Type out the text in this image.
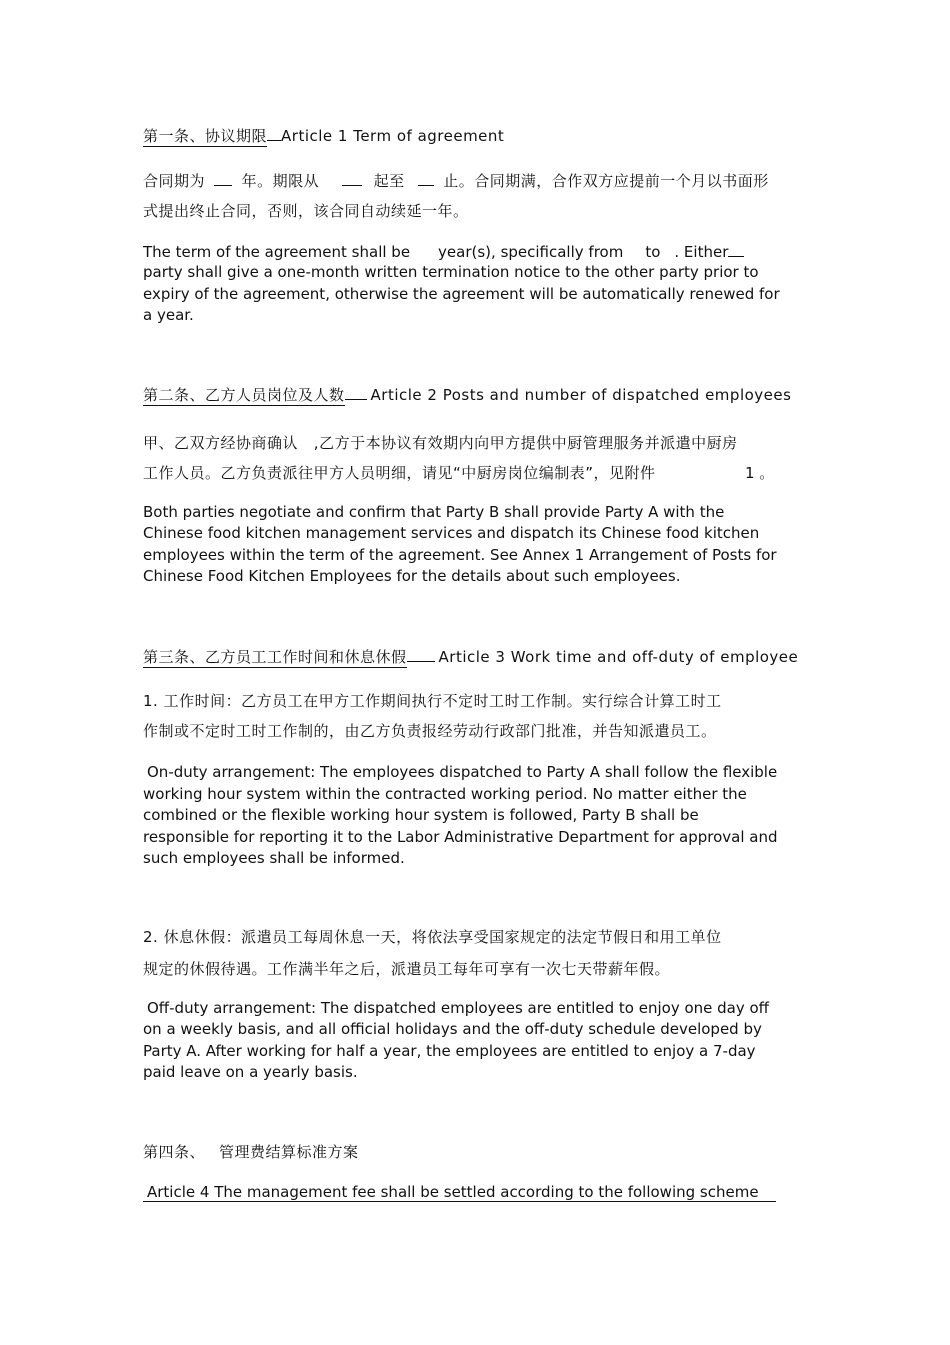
第一条、协议期限 Article 1 Term of agreement
合同期为 年。期限从	起至	止。合同期满，合作双方应提前一个月以书面形
式提出终止合同，否则，该合同自动续延一年。
The term of the agreement shall be year(s), specifically from to . Either
party shall give a one-month written termination notice to the other party prior to
expiry of the agreement, otherwise the agreement will be automatically renewed for
a year.
第二条、乙方人员岗位及人数 Article 2 Posts and number of dispatched employees
甲、乙双方经协商确认   ,乙方于本协议有效期内向甲方提供中厨管理服务并派遣中厨房
工作人员。乙方负责派往甲方人员明细，请见“中厨房岗位编制表”，见附件	1 。
Both parties negotiate and confirm that Party B shall provide Party A with the
Chinese food kitchen management services and dispatch its Chinese food kitchen
employees within the term of the agreement. See Annex 1 Arrangement of Posts for
Chinese Food Kitchen Employees for the details about such employees.
第三条、乙方员工工作时间和休息休假 Article 3 Work time and off-duty of employee
1. 工作时间：乙方员工在甲方工作期间执行不定时工时工作制。实行综合计算工时工
作制或不定时工时工作制的，由乙方负责报经劳动行政部门批准，并告知派遣员工。
On-duty arrangement: The employees dispatched to Party A shall follow the flexible
working hour system within the contracted working period. No matter either the
combined or the flexible working hour system is followed, Party B shall be
responsible for reporting it to the Labor Administrative Department for approval and
such employees shall be informed.
2. 休息休假：派遣员工每周休息一天，将依法享受国家规定的法定节假日和用工单位
规定的休假待遇。工作满半年之后，派遣员工每年可享有一次七天带薪年假。
Off-duty arrangement: The dispatched employees are entitled to enjoy one day off
on a weekly basis, and all official holidays and the off-duty schedule developed by
Party A. After working for half a year, the employees are entitled to enjoy a 7-day
paid leave on a yearly basis.
第四条、 管理费结算标准方案
Article 4 The management fee shall be settled according to the following scheme
